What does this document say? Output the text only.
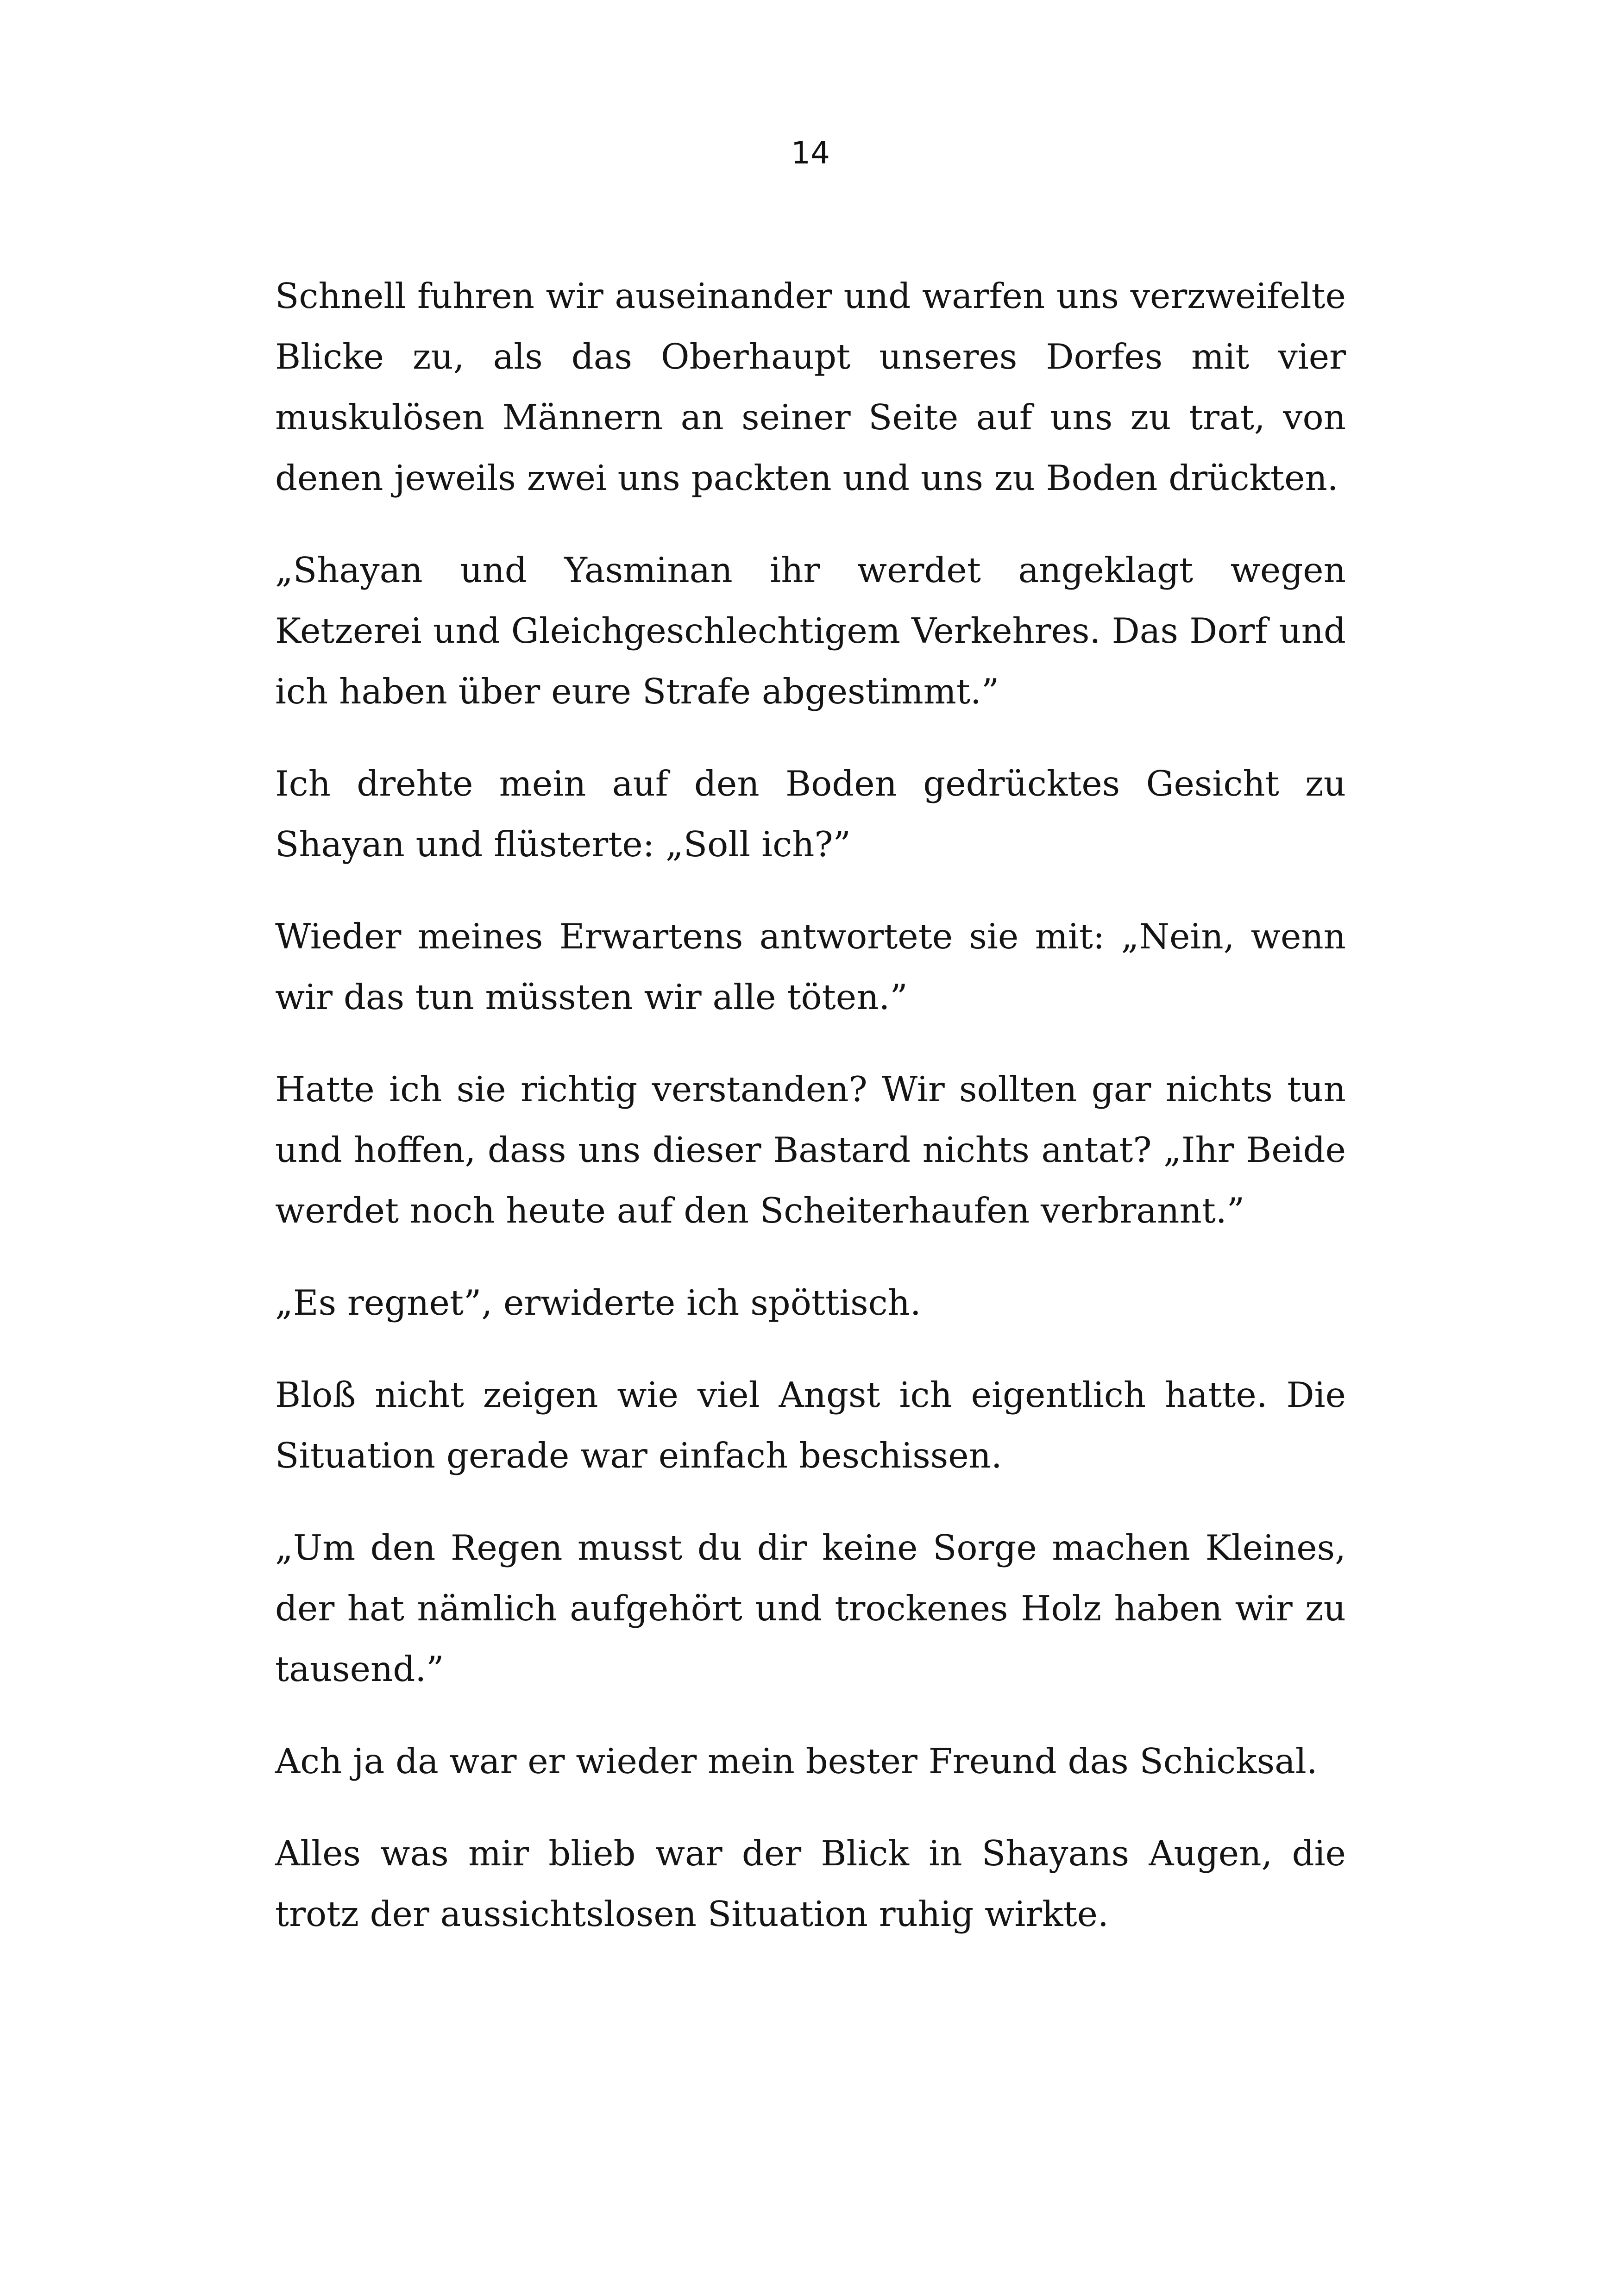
14

Schnell fuhren wir auseinander und warfen uns verzweifelte Blicke zu, als das Oberhaupt unseres Dorfes mit vier muskulösen Männern an seiner Seite auf uns zu trat, von denen jeweils zwei uns packten und uns zu Boden drückten.

„Shayan und Yasminan ihr werdet angeklagt wegen Ketzerei und Gleichgeschlechtigem Verkehres. Das Dorf und ich haben über eure Strafe abgestimmt.”

Ich drehte mein auf den Boden gedrücktes Gesicht zu Shayan und flüsterte: „Soll ich?”

Wieder meines Erwartens antwortete sie mit: „Nein, wenn wir das tun müssten wir alle töten.”

Hatte ich sie richtig verstanden? Wir sollten gar nichts tun und hoffen, dass uns dieser Bastard nichts antat? „Ihr Beide werdet noch heute auf den Scheiterhaufen verbrannt.”

„Es regnet”, erwiderte ich spöttisch.

Bloß nicht zeigen wie viel Angst ich eigentlich hatte. Die Situation gerade war einfach beschissen.

„Um den Regen musst du dir keine Sorge machen Kleines, der hat nämlich aufgehört und trockenes Holz haben wir zu tausend.”

Ach ja da war er wieder mein bester Freund das Schicksal.

Alles was mir blieb war der Blick in Shayans Augen, die trotz der aussichtslosen Situation ruhig wirkte.
